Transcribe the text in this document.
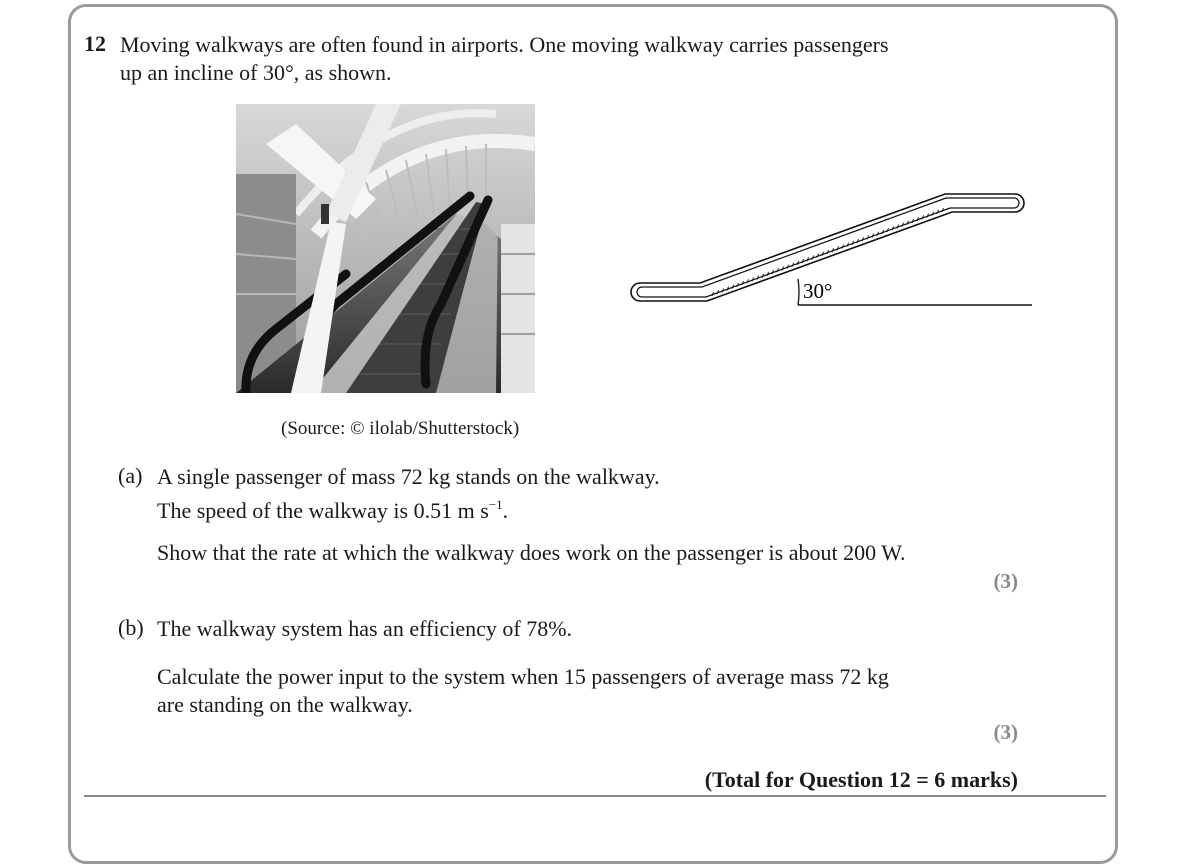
12 Moving walkways are often found in airports. One moving walkway carries passengers
up an incline of 30°, as shown.
30°
(Source: © ilolab/Shutterstock)
(a) A single passenger of mass 72 kg stands on the walkway.
The speed of the walkway is 0.51 m $s^{-1}$.
Show that the rate at which the walkway does work on the passenger is about 200 W.
(3)
(b) The walkway system has an efficiency of 78%.
Calculate the power input to the system when 15 passengers of average mass 72 kg
are standing on the walkway.
(3)
(Total for Question 12 = 6 marks)
